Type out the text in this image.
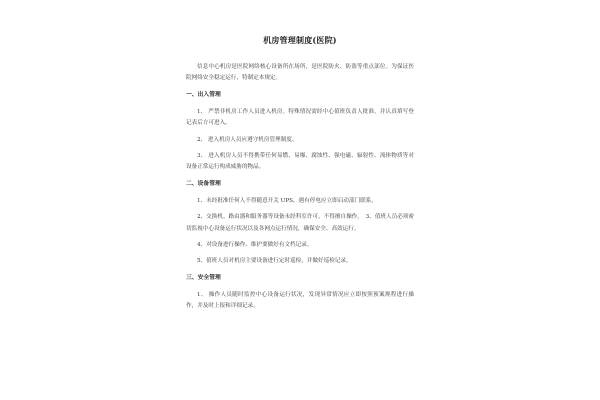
机房管理制度(医院)

信息中心机房是医院网络核心设备所在场所，是医院防火、防盗等重点部位。为保证医院网络安全稳定运行，特制定本规定。

一、出入管理

1、 严禁非机房工作人员进入机房。特殊情况需经中心值班负责人批准，并认真填写登记表后方可进入。

2、 进入机房人员应遵守机房管理制度。

3、 进入机房人员不得携带任何易燃、易爆、腐蚀性、强电磁、辐射性、流体物质等对设备正常运行构成威胁的物品。

二、设备管理

1、未经批准任何人不得随意开关 UPS，遇有停电应立即启动部门联系。

2、交换机、路由器和服务器等设备未经科室许可，不得擅自操作。　3、值班人员必须密切监视中心设备运行状况以及各网点运行情况，确保安全、高效运行。

4、对设备进行操作、维护要做好有文档记录。

5、值班人员对机房主要设备进行定时巡检，并做好巡检记录。

三、安全管理

1、 操作人员随时监控中心设备运行状况，发现异常情况应立即按照预案规程进行操作，并及时上报和详细记录。
